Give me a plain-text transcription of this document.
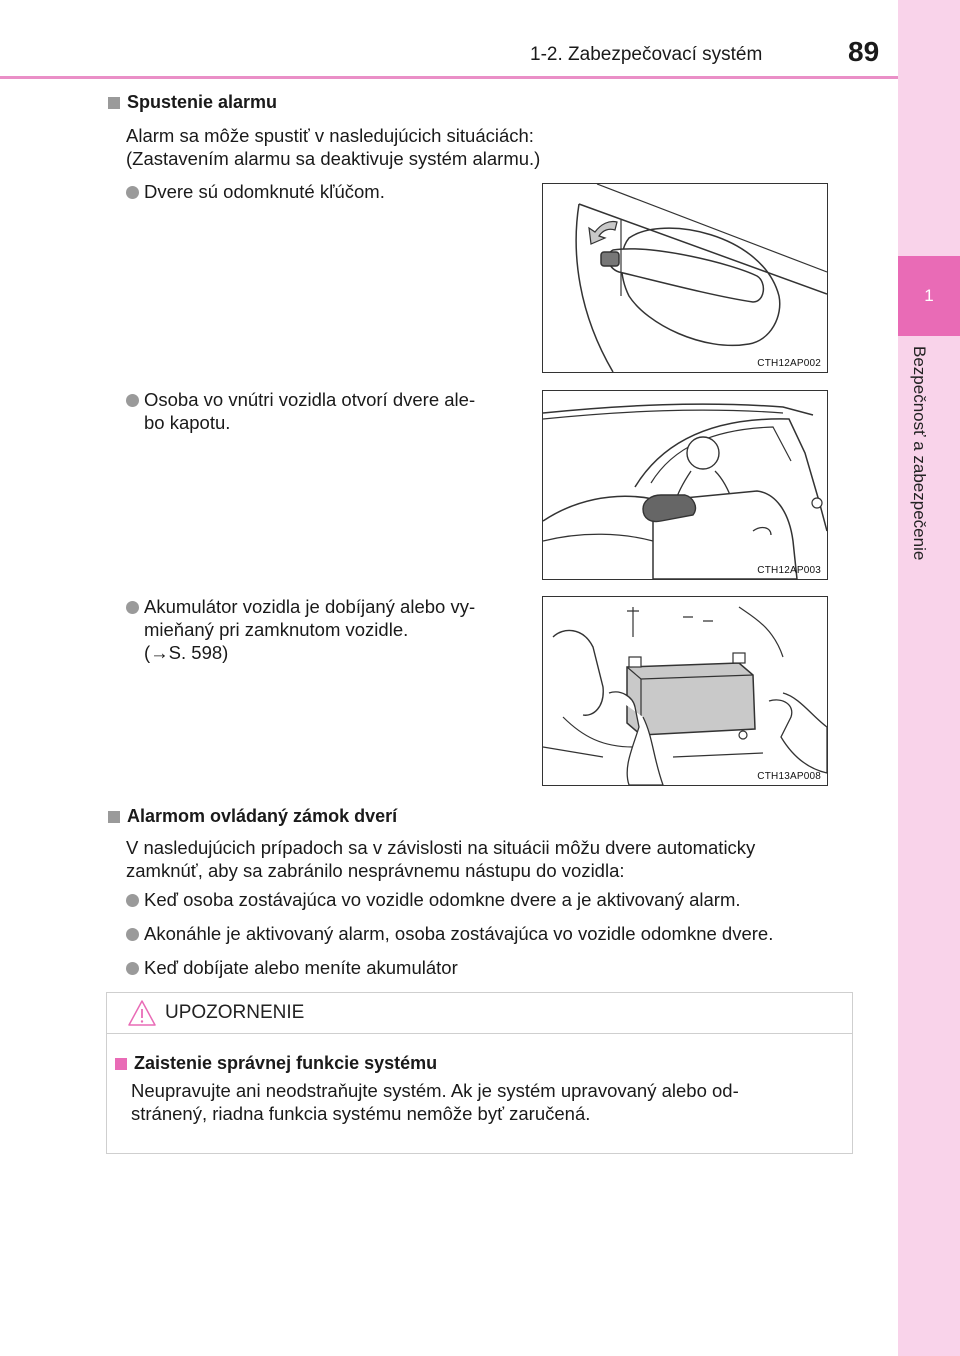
1-2. Zabezpečovací systém	89
1
Bezpečnosť a zabezpečenie
Spustenie alarmu
Alarm sa môže spustiť v nasledujúcich situáciách:
(Zastavením alarmu sa deaktivuje systém alarmu.)
Dvere sú odomknuté kľúčom.
CTH12AP002
Osoba vo vnútri vozidla otvorí dvere ale-
bo kapotu.
CTH12AP003
Akumulátor vozidla je dobíjaný alebo vy-
mieňaný pri zamknutom vozidle.
(→S. 598)
CTH13AP008
Alarmom ovládaný zámok dverí
V nasledujúcich prípadoch sa v závislosti na situácii môžu dvere automaticky
zamknúť, aby sa zabránilo nesprávnemu nástupu do vozidla:
Keď osoba zostávajúca vo vozidle odomkne dvere a je aktivovaný alarm.
Akonáhle je aktivovaný alarm, osoba zostávajúca vo vozidle odomkne dvere.
Keď dobíjate alebo meníte akumulátor
UPOZORNENIE
Zaistenie správnej funkcie systému
Neupravujte ani neodstraňujte systém. Ak je systém upravovaný alebo od-
stránený, riadna funkcia systému nemôže byť zaručená.
